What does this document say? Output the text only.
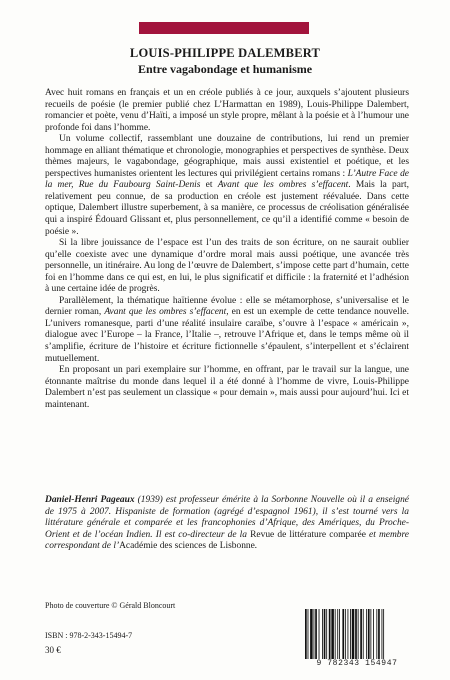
LOUIS-PHILIPPE DALEMBERT
Entre vagabondage et humanisme

Avec huit romans en français et un en créole publiés à ce jour, auxquels s’ajoutent plusieurs recueils de poésie (le premier publié chez L’Harmattan en 1989), Louis-Philippe Dalembert, romancier et poète, venu d’Haïti, a imposé un style propre, mêlant à la poésie et à l’humour une profonde foi dans l’homme.

Un volume collectif, rassemblant une douzaine de contributions, lui rend un premier hommage en alliant thématique et chronologie, monographies et perspectives de synthèse. Deux thèmes majeurs, le vagabondage, géographique, mais aussi existentiel et poétique, et les perspectives humanistes orientent les lectures qui privilégient certains romans : L’Autre Face de la mer, Rue du Faubourg Saint-Denis et Avant que les ombres s’effacent. Mais la part, relativement peu connue, de sa production en créole est justement réévaluée. Dans cette optique, Dalembert illustre superbement, à sa manière, ce processus de créolisation généralisée qui a inspiré Édouard Glissant et, plus personnellement, ce qu’il a identifié comme « besoin de poésie ».

Si la libre jouissance de l’espace est l’un des traits de son écriture, on ne saurait oublier qu’elle coexiste avec une dynamique d’ordre moral mais aussi poétique, une avancée très personnelle, un itinéraire. Au long de l’œuvre de Dalembert, s’impose cette part d’humain, cette foi en l’homme dans ce qui est, en lui, le plus significatif et difficile : la fraternité et l’adhésion à une certaine idée de progrès.

Parallèlement, la thématique haïtienne évolue : elle se métamorphose, s’universalise et le dernier roman, Avant que les ombres s’effacent, en est un exemple de cette tendance nouvelle. L’univers romanesque, parti d’une réalité insulaire caraïbe, s’ouvre à l’espace « américain », dialogue avec l’Europe – la France, l’Italie –, retrouve l’Afrique et, dans le temps même où il s’amplifie, écriture de l’histoire et écriture fictionnelle s’épaulent, s’interpellent et s’éclairent mutuellement.

En proposant un pari exemplaire sur l’homme, en offrant, par le travail sur la langue, une étonnante maîtrise du monde dans lequel il a été donné à l’homme de vivre, Louis-Philippe Dalembert n’est pas seulement un classique « pour demain », mais aussi pour aujourd’hui. Ici et maintenant.

Daniel-Henri Pageaux (1939) est professeur émérite à la Sorbonne Nouvelle où il a enseigné de 1975 à 2007. Hispaniste de formation (agrégé d’espagnol 1961), il s’est tourné vers la littérature générale et comparée et les francophonies d’Afrique, des Amériques, du Proche-Orient et de l’océan Indien. Il est co-directeur de la Revue de littérature comparée et membre correspondant de l’Académie des sciences de Lisbonne.
Photo de couverture © Gérald Bloncourt
ISBN : 978-2-343-15494-7
30 €
9 782343 154947
